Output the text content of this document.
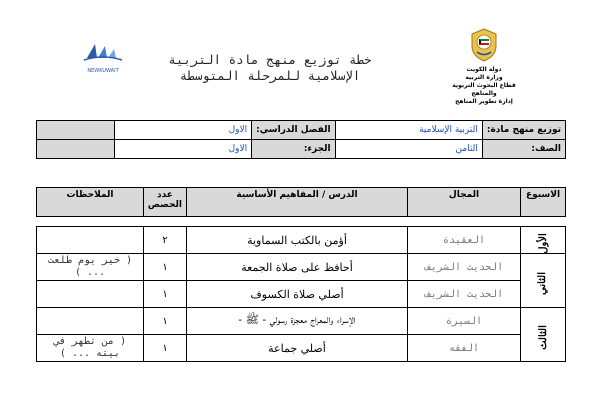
دولة الكويت
وزارة التربية
قطاع البحوث التربوية والمناهج
إدارة تطوير المناهج
خطة توزيع منهج مادة التربية
الإسلامية للمرحلة المتوسطة
NEWKUWAIT
توزيع منهج مادة:	التربية الإسلامية	الفصل الدراسي:	الاول	
الصف:	الثامن	الجزء:	الاول	
الاسبوع	المجال	الدرس / المفاهيم الأساسية	عدد الحصص	الملاحظات
الأول	العقيدة	أؤمن بالكتب السماوية	٢	
الثاني	الحديث الشريف	أحافظ على صلاة الجمعة	١	( خير يوم طلعت ... )
	الحديث الشريف	أصلي صلاة الكسوف	١	
الثالث	السيرة	الإسراء والمعراج معجزة رسولي - ﷺ -	١	
	الفقه	أصلي جماعة	١	( من تطهر في بيته ... )
